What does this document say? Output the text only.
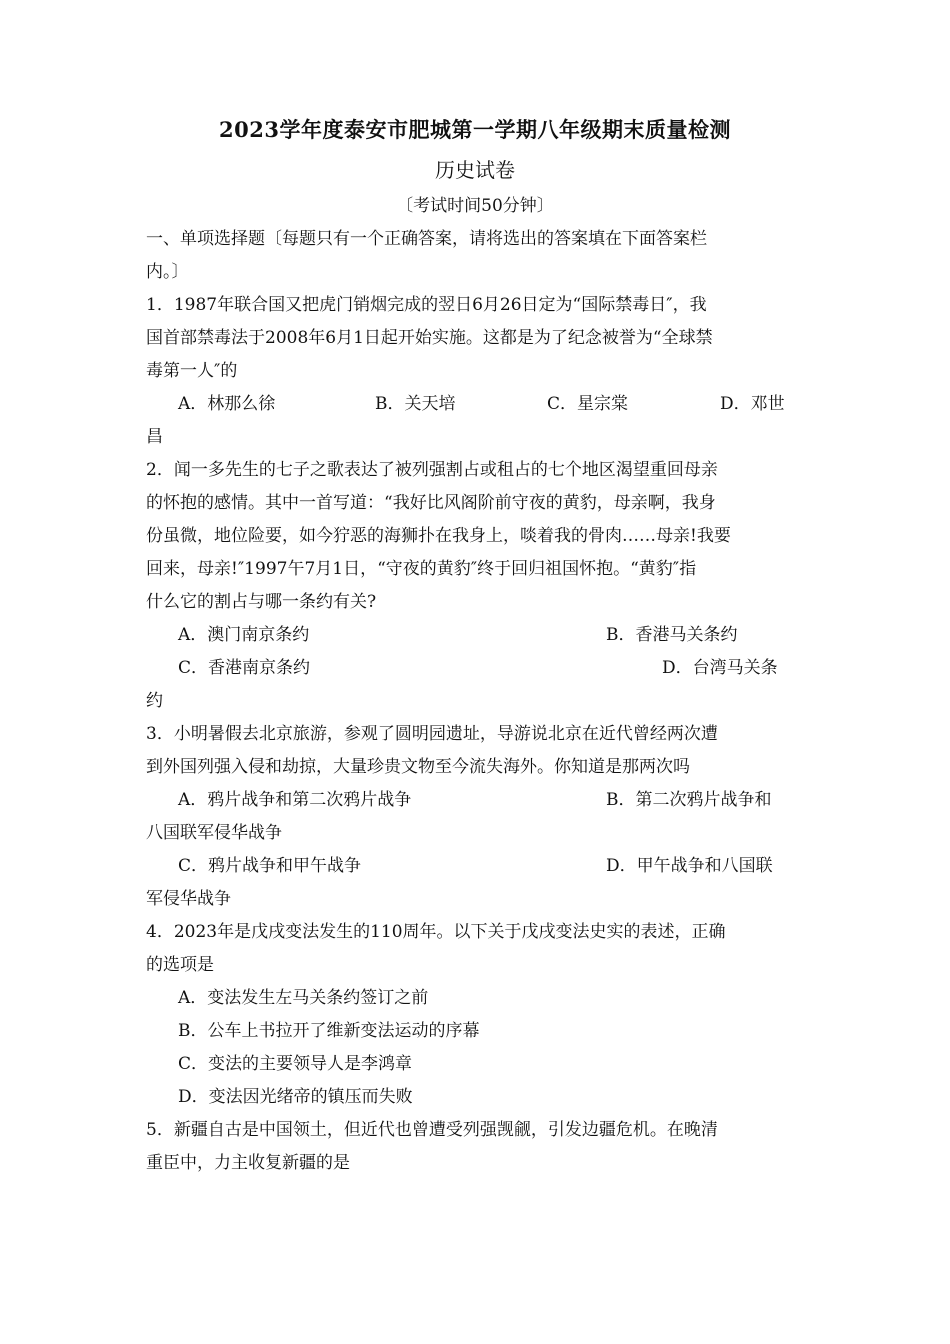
2023学年度泰安市肥城第一学期八年级期末质量检测
历史试卷
〔考试时间50分钟〕
一、单项选择题〔每题只有一个正确答案，请将选出的答案填在下面答案栏
内。〕
1．1987年联合国又把虎门销烟完成的翌日6月26日定为“国际禁毒日″，我
国首部禁毒法于2008年6月1日起开始实施。这都是为了纪念被誉为“全球禁
毒第一人″的
A．林那么徐	B．关天培	C．星宗棠	D．邓世
昌
2．闻一多先生的七子之歌表达了被列强割占或租占的七个地区渴望重回母亲
的怀抱的感情。其中一首写道：“我好比风阁阶前守夜的黄豹，母亲啊，我身
份虽微，地位险要，如今狞恶的海狮扑在我身上，啖着我的骨肉……母亲!我要
回来，母亲!″1997午7月1日，“守夜的黄豹″终于回归祖国怀抱。“黄豹″指
什么它的割占与哪一条约有关?
A．澳门南京条约	B．香港马关条约
C．香港南京条约	D．台湾马关条
约
3．小明暑假去北京旅游，参观了圆明园遗址，导游说北京在近代曾经两次遭
到外国列强入侵和劫掠，大量珍贵文物至今流失海外。你知道是那两次吗
A．鸦片战争和第二次鸦片战争	B．第二次鸦片战争和
八国联军侵华战争
C．鸦片战争和甲午战争	D．甲午战争和八国联
军侵华战争
4．2023年是戊戌变法发生的110周年。以下关于戊戌变法史实的表述，正确
的选项是
A．变法发生左马关条约签订之前
B．公车上书拉开了维新变法运动的序幕
C．变法的主要领导人是李鸿章
D．变法因光绪帝的镇压而失败
5．新疆自古是中国领土，但近代也曾遭受列强觊觎，引发边疆危机。在晚清
重臣中，力主收复新疆的是
